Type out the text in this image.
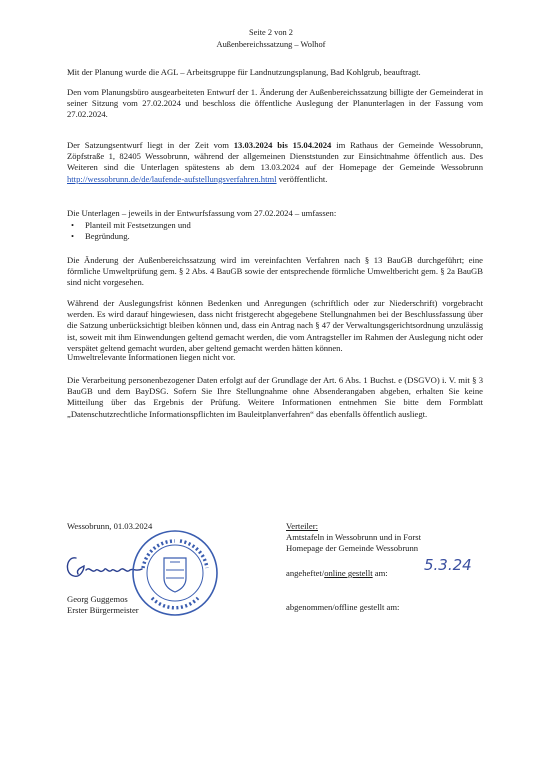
Seite 2 von 2
Außenbereichssatzung – Wolhof

Mit der Planung wurde die AGL – Arbeitsgruppe für Landnutzungsplanung, Bad Kohlgrub, beauftragt.

Den vom Planungsbüro ausgearbeiteten Entwurf der 1. Änderung der Außenbereichssatzung billigte der Gemeinderat in seiner Sitzung vom 27.02.2024 und beschloss die öffentliche Auslegung der Planunterlagen in der Fassung vom 27.02.2024.

Der Satzungsentwurf liegt in der Zeit vom 13.03.2024 bis 15.04.2024 im Rathaus der Gemeinde Wessobrunn, Zöpfstraße 1, 82405 Wessobrunn, während der allgemeinen Dienststunden zur Einsichtnahme öffentlich aus. Des Weiteren sind die Unterlagen spätestens ab dem 13.03.2024 auf der Homepage der Gemeinde Wessobrunn http://wessobrunn.de/de/laufende-aufstellungsverfahren.html veröffentlicht.

Die Unterlagen – jeweils in der Entwurfsfassung vom 27.02.2024 – umfassen:

• Planteil mit Festsetzungen und
• Begründung.

Die Änderung der Außenbereichssatzung wird im vereinfachten Verfahren nach § 13 BauGB durchgeführt; eine förmliche Umweltprüfung gem. § 2 Abs. 4 BauGB sowie der entsprechende förmliche Umweltbericht gem. § 2a BauGB sind nicht vorgesehen.

Während der Auslegungsfrist können Bedenken und Anregungen (schriftlich oder zur Niederschrift) vorgebracht werden. Es wird darauf hingewiesen, dass nicht fristgerecht abgegebene Stellungnahmen bei der Beschlussfassung über die Satzung unberücksichtigt bleiben können und, dass ein Antrag nach § 47 der Verwaltungsgerichtsordnung unzulässig ist, soweit mit ihm Einwendungen geltend gemacht werden, die vom Antragsteller im Rahmen der Auslegung nicht oder verspätet geltend gemacht wurden, aber geltend gemacht werden hätten können.

Umweltrelevante Informationen liegen nicht vor.

Die Verarbeitung personenbezogener Daten erfolgt auf der Grundlage der Art. 6 Abs. 1 Buchst. e (DSGVO) i. V. mit § 3 BauGB und dem BayDSG. Sofern Sie Ihre Stellungnahme ohne Absenderangaben abgeben, erhalten Sie keine Mitteilung über das Ergebnis der Prüfung. Weitere Informationen entnehmen Sie bitte dem Formblatt „Datenschutzrechtliche Informationspflichten im Bauleitplanverfahren“ das ebenfalls öffentlich ausliegt.

Wessobrunn, 01.03.2024
Georg Guggemos
Erster Bürgermeister
Verteiler:
Amtstafeln in Wessobrunn und in Forst
Homepage der Gemeinde Wessobrunn
angeheftet/online gestellt am: 5.3.24
abgenommen/offline gestellt am:
